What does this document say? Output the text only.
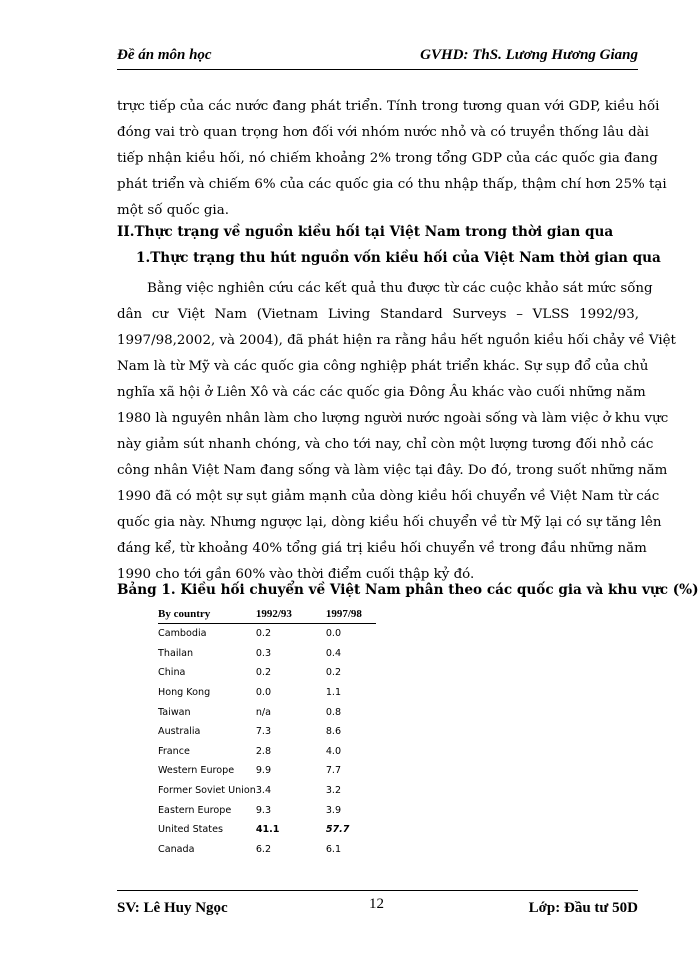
Đề án môn học	GVHD: ThS. Lương Hương Giang
trực tiếp của các nước đang phát triển. Tính trong tương quan với GDP, kiều hối
đóng vai trò quan trọng hơn đối với nhóm nước nhỏ và có truyền thống lâu dài
tiếp nhận kiều hối, nó chiếm khoảng 2% trong tổng GDP của các quốc gia đang
phát triển và chiếm 6% của các quốc gia có thu nhập thấp, thậm chí hơn 25% tại
một số quốc gia.
II.Thực trạng về nguồn kiều hối tại Việt Nam trong thời gian qua
1.Thực trạng thu hút nguồn vốn kiều hối của Việt Nam thời gian qua
Bằng việc nghiên cứu các kết quả thu được từ các cuộc khảo sát mức sống
dân cư Việt Nam (Vietnam Living Standard Surveys – VLSS 1992/93,
1997/98,2002, và 2004), đã phát hiện ra rằng hầu hết nguồn kiều hối chảy về Việt
Nam là từ Mỹ và các quốc gia công nghiệp phát triển khác. Sự sụp đổ của chủ
nghĩa xã hội ở Liên Xô và các các quốc gia Đông Âu khác vào cuối những năm
1980 là nguyên nhân làm cho lượng người nước ngoài sống và làm việc ở khu vực
này giảm sút nhanh chóng, và cho tới nay, chỉ còn một lượng tương đối nhỏ các
công nhân Việt Nam đang sống và làm việc tại đây. Do đó, trong suốt những năm
1990 đã có một sự sụt giảm mạnh của dòng kiều hối chuyển về Việt Nam từ các
quốc gia này. Nhưng ngược lại, dòng kiều hối chuyển về từ Mỹ lại có sự tăng lên
đáng kể, từ khoảng 40% tổng giá trị kiều hối chuyển về trong đầu những năm
1990 cho tới gần 60% vào thời điểm cuối thập kỷ đó.
Bảng 1. Kiều hối chuyển về Việt Nam phân theo các quốc gia và khu vực (%)
By country	1992/93	1997/98
Cambodia	0.2	0.0
Thailan	0.3	0.4
China	0.2	0.2
Hong Kong	0.0	1.1
Taiwan	n/a	0.8
Australia	7.3	8.6
France	2.8	4.0
Western Europe	9.9	7.7
Former Soviet Union	3.4	3.2
Eastern Europe	9.3	3.9
United States	41.1	57.7
Canada	6.2	6.1
SV: Lê Huy Ngọc	12	Lớp: Đầu tư 50D
